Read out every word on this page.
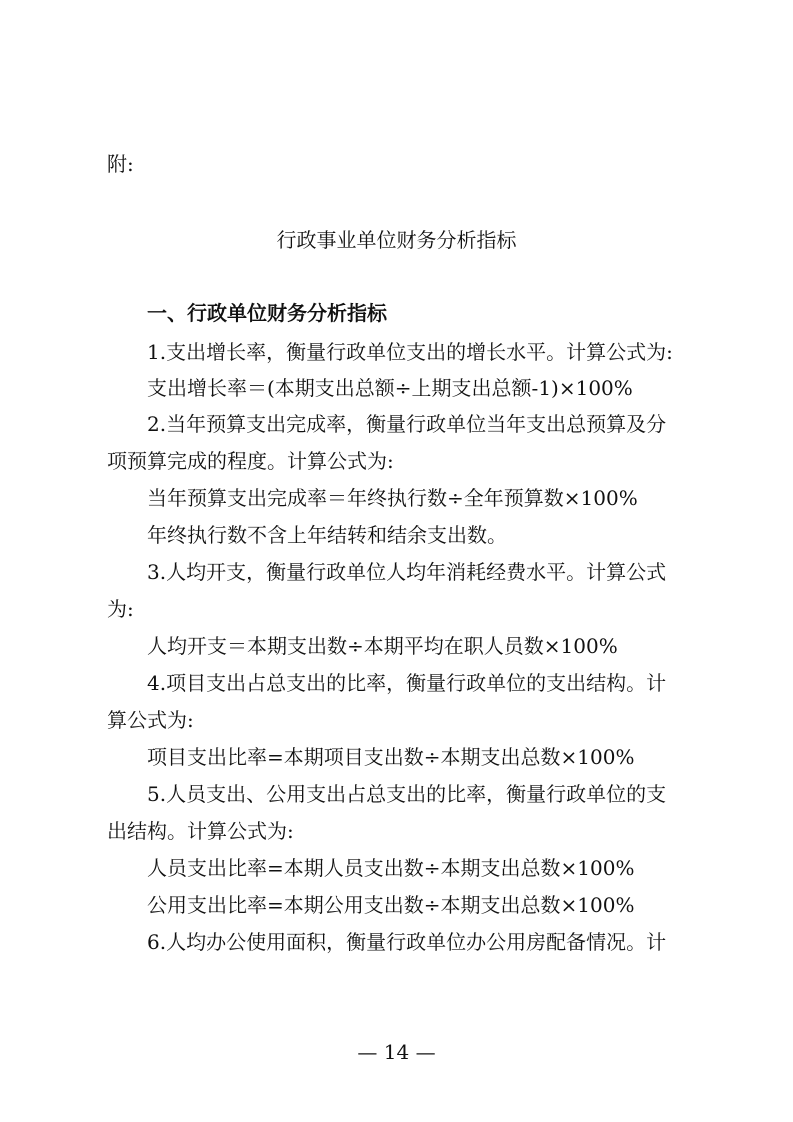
附:
行政事业单位财务分析指标
一、行政单位财务分析指标
1.支出增长率，衡量行政单位支出的增长水平。计算公式为:
支出增长率＝(本期支出总额÷上期支出总额-1)×100%
2.当年预算支出完成率，衡量行政单位当年支出总预算及分
项预算完成的程度。计算公式为:
当年预算支出完成率＝年终执行数÷全年预算数×100%
年终执行数不含上年结转和结余支出数。
3.人均开支，衡量行政单位人均年消耗经费水平。计算公式
为:
人均开支＝本期支出数÷本期平均在职人员数×100%
4.项目支出占总支出的比率，衡量行政单位的支出结构。计
算公式为:
项目支出比率=本期项目支出数÷本期支出总数×100%
5.人员支出、公用支出占总支出的比率，衡量行政单位的支
出结构。计算公式为:
人员支出比率=本期人员支出数÷本期支出总数×100%
公用支出比率=本期公用支出数÷本期支出总数×100%
6.人均办公使用面积，衡量行政单位办公用房配备情况。计
— 14 —
